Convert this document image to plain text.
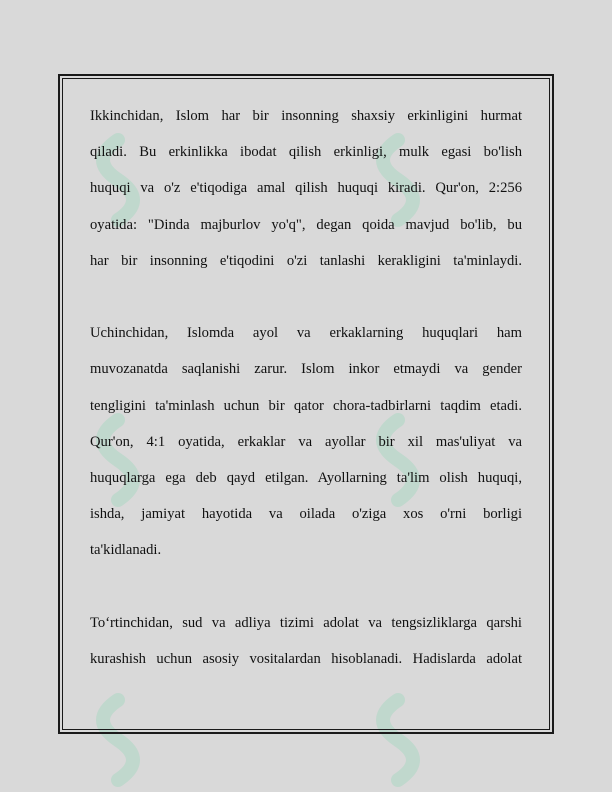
Ikkinchidan, Islom har bir insonning shaxsiy erkinligini hurmat

qiladi. Bu erkinlikka ibodat qilish erkinligi, mulk egasi bo'lish

huquqi va o'z e'tiqodiga amal qilish huquqi kiradi. Qur'on, 2:256

oyatida: "Dinda majburlov yo'q", degan qoida mavjud bo'lib, bu

har bir insonning e'tiqodini o'zi tanlashi kerakligini ta'minlaydi.

Uchinchidan, Islomda ayol va erkaklarning huquqlari ham

muvozanatda saqlanishi zarur. Islom inkor etmaydi va gender

tengligini ta'minlash uchun bir qator chora-tadbirlarni taqdim etadi.

Qur'on, 4:1 oyatida, erkaklar va ayollar bir xil mas'uliyat va

huquqlarga ega deb qayd etilgan. Ayollarning ta'lim olish huquqi,

ishda, jamiyat hayotida va oilada o'ziga xos o'rni borligi

ta'kidlanadi.

To‘rtinchidan, sud va adliya tizimi adolat va tengsizliklarga qarshi

kurashish uchun asosiy vositalardan hisoblanadi. Hadislarda adolat
